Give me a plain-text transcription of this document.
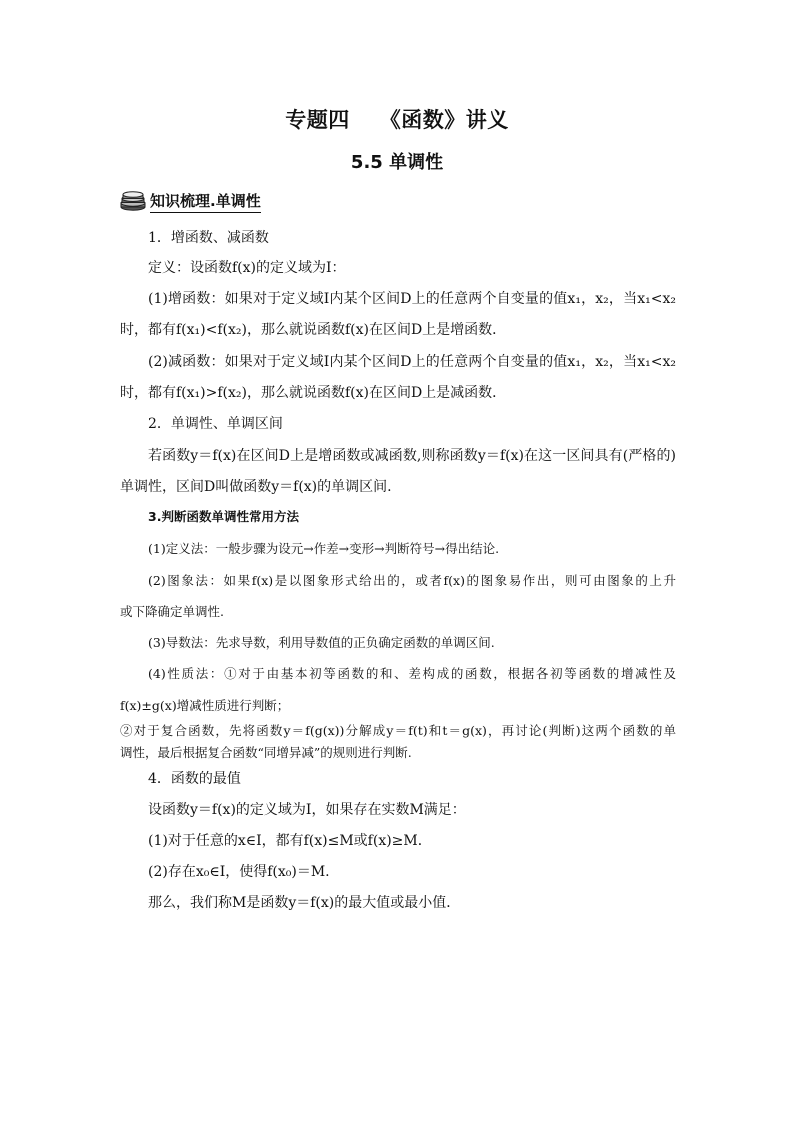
专题四 《函数》讲义
5.5 单调性
知识梳理.单调性
1．增函数、减函数
定义：设函数f(x)的定义域为I：
(1)增函数：如果对于定义域I内某个区间D上的任意两个自变量的值x₁，x₂，当x₁<x₂
时，都有f(x₁)<f(x₂)，那么就说函数f(x)在区间D上是增函数．
(2)减函数：如果对于定义域I内某个区间D上的任意两个自变量的值x₁，x₂，当x₁<x₂
时，都有f(x₁)>f(x₂)，那么就说函数f(x)在区间D上是减函数．
2．单调性、单调区间
若函数y＝f(x)在区间D上是增函数或减函数,则称函数y＝f(x)在这一区间具有(严格的)
单调性，区间D叫做函数y＝f(x)的单调区间.
3.判断函数单调性常用方法
(1)定义法：一般步骤为设元→作差→变形→判断符号→得出结论.
(2)图象法：如果f(x)是以图象形式给出的，或者f(x)的图象易作出，则可由图象的上升
或下降确定单调性.
(3)导数法：先求导数，利用导数值的正负确定函数的单调区间.
(4)性质法：①对于由基本初等函数的和、差构成的函数，根据各初等函数的增减性及
f(x)±g(x)增减性质进行判断；
②对于复合函数，先将函数y＝f(g(x))分解成y＝f(t)和t＝g(x)，再讨论(判断)这两个函数的单
调性，最后根据复合函数“同增异减”的规则进行判断.
4．函数的最值
设函数y＝f(x)的定义域为I，如果存在实数M满足：
(1)对于任意的x∈I，都有f(x)≤M或f(x)≥M．
(2)存在x₀∈I，使得f(x₀)＝M.
那么，我们称M是函数y＝f(x)的最大值或最小值．
